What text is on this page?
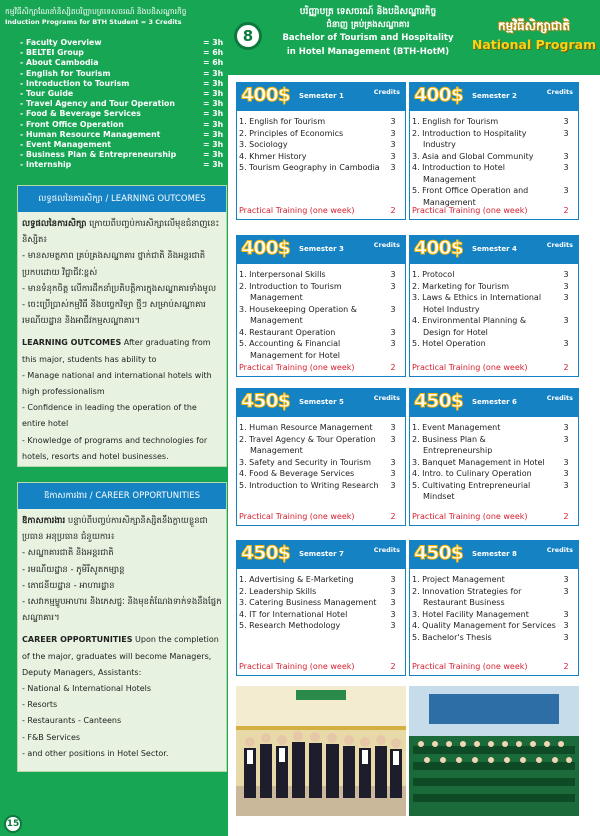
កម្មវិធីសិក្សាណែនាំនិស្សិតបរិញ្ញាបត្រទេសចរណ៍ និងបដិសណ្ឋារកិច្ច
Induction Programs for BTH Student = 3 Credits
8
បរិញ្ញាបត្រ ទេសចរណ៍ និងបដិសណ្ឋារកិច្ច
ជំនាញ គ្រប់គ្រងសណ្ឋាគារ
Bachelor of Tourism and Hospitality
in Hotel Management (BTH-HotM)
កម្មវិធីសិក្សាជាតិ
National Program
- Faculty Overview	= 3h
- BELTEI Group	= 6h
- About Cambodia	= 6h
- English for Tourism	= 3h
- Introduction to Tourism	= 3h
- Tour Guide	= 3h
- Travel Agency and Tour Operation	= 3h
- Food & Beverage Services	= 3h
- Front Office Operation	= 3h
- Human Resource Management	= 3h
- Event Management	= 3h
- Business Plan & Entrepreneurship	= 3h
- Internship	= 3h
លទ្ធផលនៃការសិក្សា / LEARNING OUTCOMES

លទ្ធផលនៃការសិក្សា ក្រោយពីបញ្ចប់ការសិក្សាលើមុខជំនាញនេះនិស្សិត៖

- មានសមត្ថភាព គ្រប់គ្រងសណ្ឋាគារ ថ្នាក់ជាតិ និងអន្តរជាតិប្រកបដោយ វិជ្ជាជីវៈខ្ពស់
- មានទំនុកចិត្ត លើការដឹកនាំប្រតិបត្តិការក្នុងសណ្ឋាគារទាំងមូល
- ចេះប្រើប្រាស់កម្មវិធី និងបច្ចេកវិទ្យា ថ្មីៗ សម្រាប់សណ្ឋាគារ រមណីយដ្ឋាន និងអាជីវកម្មសណ្ឋាគារ។

LEARNING OUTCOMES After graduating from this major, students has ability to

- Manage national and international hotels with high professionalism
- Confidence in leading the operation of the entire hotel
- Knowledge of programs and technologies for hotels, resorts and hotel businesses.
ឱកាសការងារ / CAREER OPPORTUNITIES

ឱកាសការងារ បន្ទាប់ពីបញ្ចប់ការសិក្សានិស្សិតនឹងក្លាយខ្លួនជាប្រធាន អនុប្រធាន ជំនួយការ៖

- សណ្ឋាគារជាតិ និងអន្តរជាតិ
- រមណីយដ្ឋាន - ភូមិរីសូតកម្សាន្ត
- ភោជនីយដ្ឋាន - អាហារដ្ឋាន
- សេវាកម្មម្ហូបអាហារ និងភេសជ្ជៈ និងមុខតំណែងទាក់ទងនឹងផ្នែកសណ្ឋាគារ។

CAREER OPPORTUNITIES Upon the completion of the major, graduates will become Managers, Deputy Managers, Assistants:

- National & International Hotels
- Resorts
- Restaurants - Canteens
- F&B Services
- and other positions in Hotel Sector.
15
400$ Semester 1	Credits
1. English for Tourism	3
2. Principles of Economics	3
3. Sociology	3
4. Khmer History	3
5. Tourism Geography in Cambodia	3
Practical Training (one week)	2
400$ Semester 2	Credits
1. English for Tourism	3
2. Introduction to Hospitality Industry
3
3. Asia and Global Community	3
4. Introduction to Hotel Management
3
5. Front Office Operation and Management
3
Practical Training (one week)	2
400$ Semester 3	Credits
1. Interpersonal Skills	3
2. Introduction to Tourism Management
3
3. Housekeeping Operation & Management
3
4. Restaurant Operation	3
5. Accounting & Financial Management for Hotel
3
Practical Training (one week)	2
400$ Semester 4	Credits
1. Protocol	3
2. Marketing for Tourism	3
3. Laws & Ethics in International Hotel Industry
3
4. Environmental Planning & Design for Hotel
3
5. Hotel Operation	3
Practical Training (one week)	2
450$ Semester 5	Credits
1. Human Resource Management	3
2. Travel Agency & Tour Operation Management
3
3. Safety and Security in Tourism	3
4. Food & Beverage Services	3
5. Introduction to Writing Research	3
Practical Training (one week)	2
450$ Semester 6	Credits
1. Event Management	3
2. Business Plan & Entrepreneurship
3
3. Banquet Management in Hotel	3
4. Intro. to Culinary Operation	3
5. Cultivating Entrepreneurial Mindset
3
Practical Training (one week)	2
450$ Semester 7	Credits
1. Advertising & E-Marketing	3
2. Leadership Skills	3
3. Catering Business Management	3
4. IT for International Hotel	3
5. Research Methodology	3
Practical Training (one week)	2
450$ Semester 8	Credits
1. Project Management	3
2. Innovation Strategies for Restaurant Business
3
3. Hotel Facility Management	3
4. Quality Management for Services 3
5. Bachelor's Thesis	3
Practical Training (one week)	2
